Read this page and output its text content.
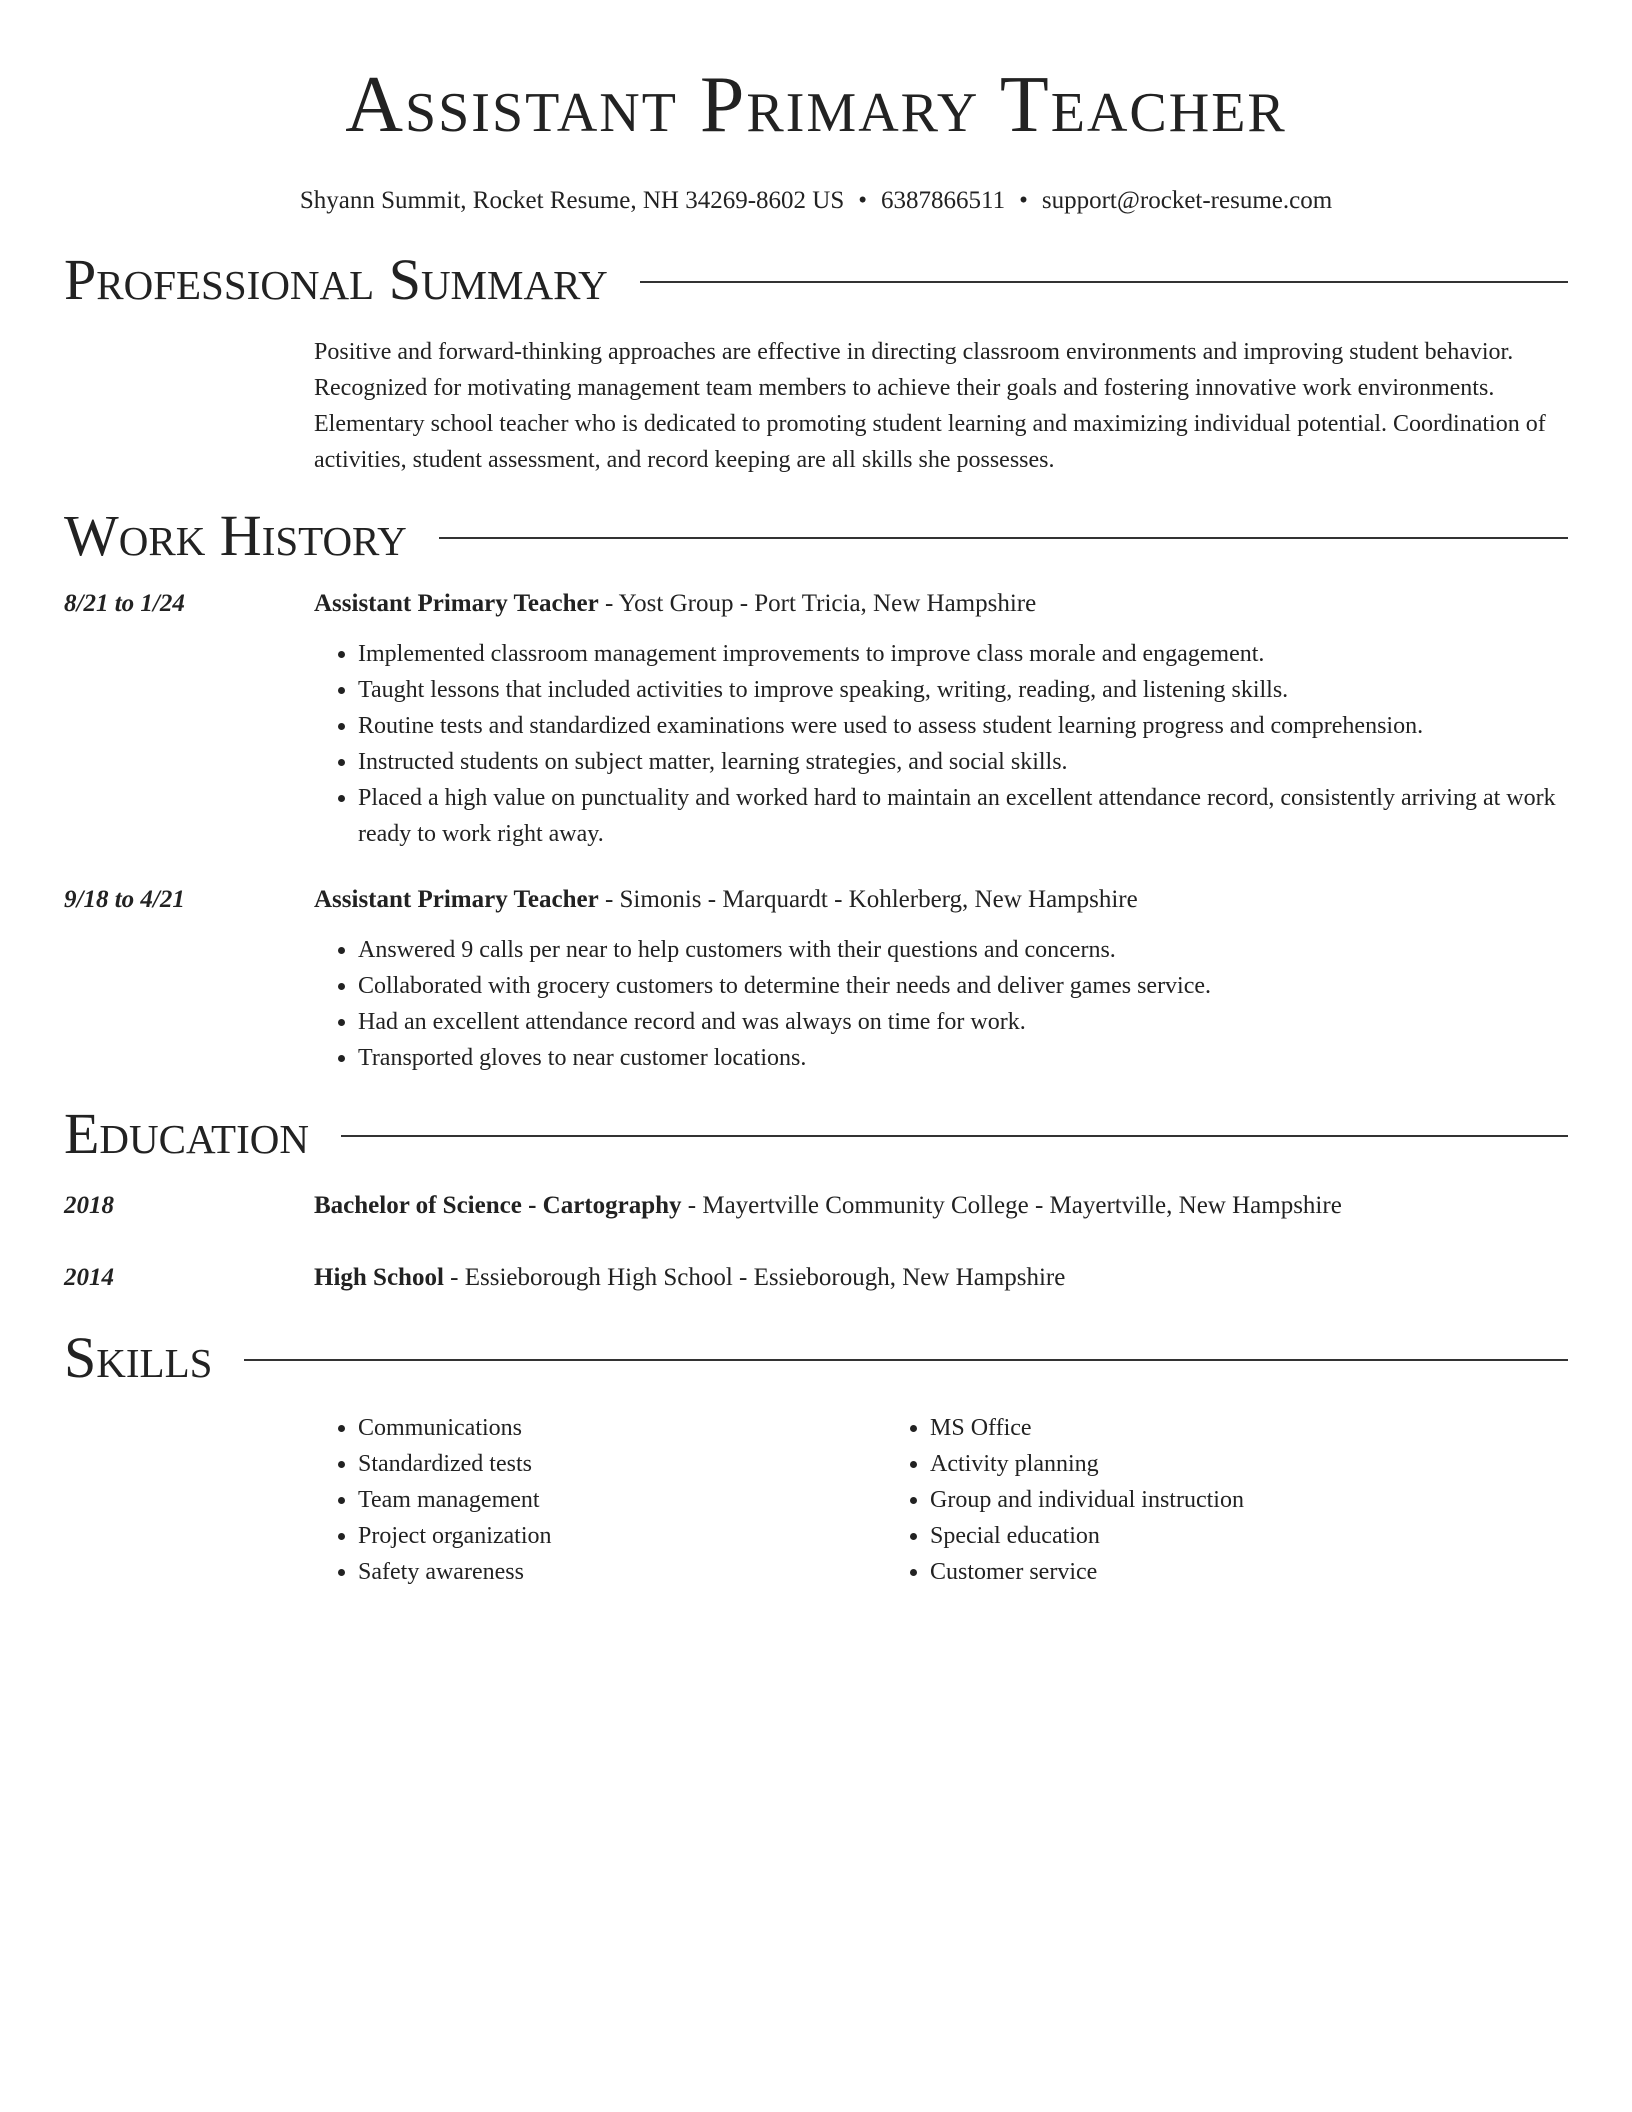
Assistant Primary Teacher
Shyann Summit, Rocket Resume, NH 34269-8602 US • 6387866511 • support@rocket-resume.com
Professional Summary
Positive and forward-thinking approaches are effective in directing classroom environments and improving student behavior. Recognized for motivating management team members to achieve their goals and fostering innovative work environments. Elementary school teacher who is dedicated to promoting student learning and maximizing individual potential. Coordination of activities, student assessment, and record keeping are all skills she possesses.
Work History
8/21 to 1/24	Assistant Primary Teacher - Yost Group - Port Tricia, New Hampshire
• Implemented classroom management improvements to improve class morale and engagement.
• Taught lessons that included activities to improve speaking, writing, reading, and listening skills.
• Routine tests and standardized examinations were used to assess student learning progress and comprehension.
• Instructed students on subject matter, learning strategies, and social skills.
• Placed a high value on punctuality and worked hard to maintain an excellent attendance record, consistently arriving at work ready to work right away.
9/18 to 4/21	Assistant Primary Teacher - Simonis - Marquardt - Kohlerberg, New Hampshire
• Answered 9 calls per near to help customers with their questions and concerns.
• Collaborated with grocery customers to determine their needs and deliver games service.
• Had an excellent attendance record and was always on time for work.
• Transported gloves to near customer locations.
Education
2018	Bachelor of Science - Cartography - Mayertville Community College - Mayertville, New Hampshire
2014	High School - Essieborough High School - Essieborough, New Hampshire
Skills
• Communications
• Standardized tests
• Team management
• Project organization
• Safety awareness
• MS Office
• Activity planning
• Group and individual instruction
• Special education
• Customer service
